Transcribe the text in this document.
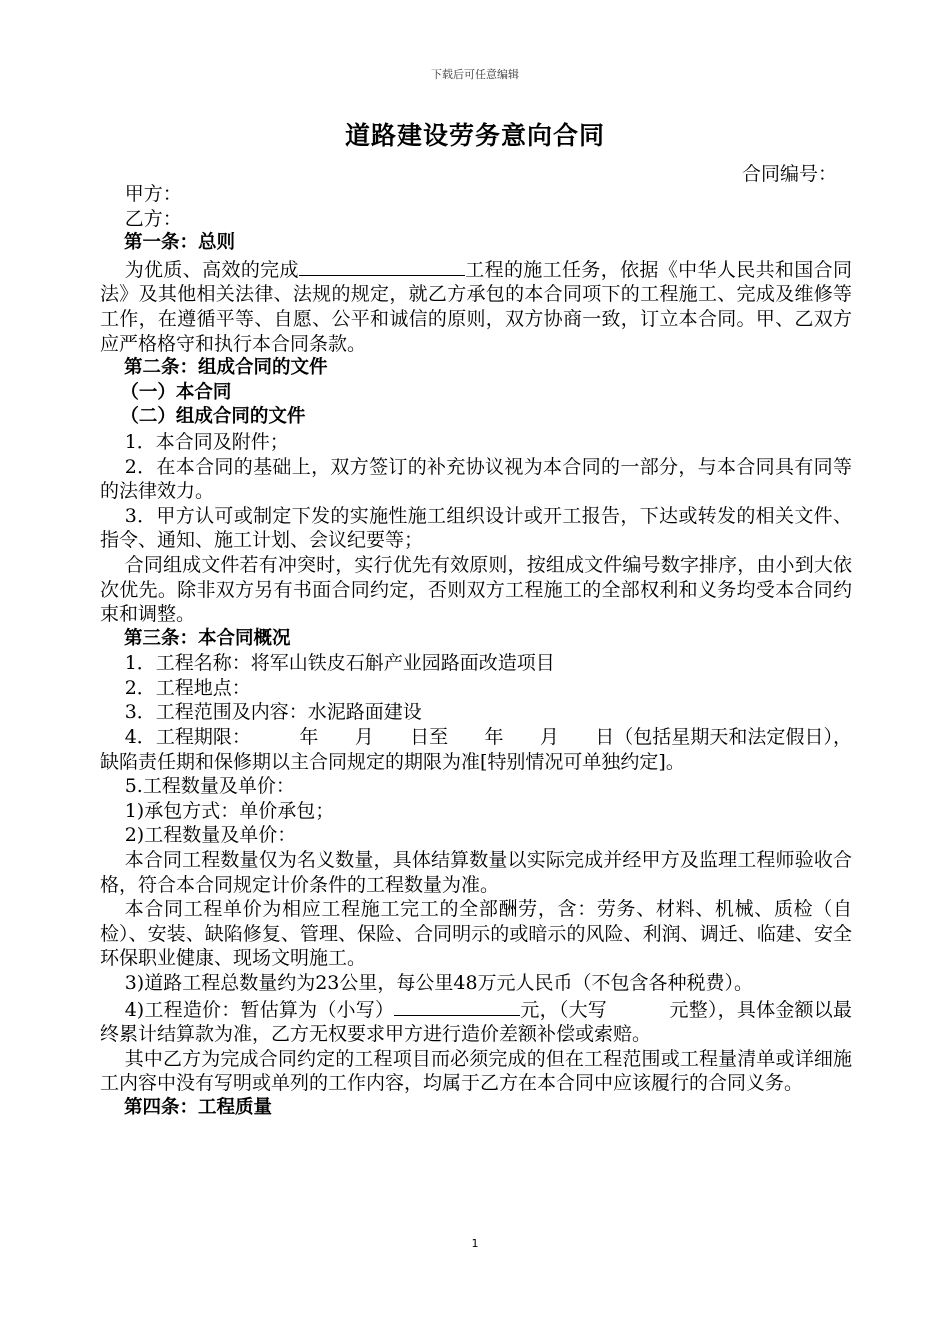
下载后可任意编辑
道路建设劳务意向合同
合同编号：

甲方：

乙方：

第一条：总则

为优质、高效的完成	工程的施工任务，依据《中华人民共和国合同法》及其他相关法律、法规的规定，就乙方承包的本合同项下的工程施工、完成及维修等工作，在遵循平等、自愿、公平和诚信的原则，双方协商一致，订立本合同。甲、乙双方应严格格守和执行本合同条款。

第二条：组成合同的文件

（一）本合同

（二）组成合同的文件

1．本合同及附件；

2．在本合同的基础上，双方签订的补充协议视为本合同的一部分，与本合同具有同等的法律效力。

3．甲方认可或制定下发的实施性施工组织设计或开工报告，下达或转发的相关文件、指令、通知、施工计划、会议纪要等；

合同组成文件若有冲突时，实行优先有效原则，按组成文件编号数字排序，由小到大依次优先。除非双方另有书面合同约定，否则双方工程施工的全部权利和义务均受本合同约束和调整。

第三条：本合同概况

1．工程名称：将军山铁皮石斛产业园路面改造项目

2．工程地点：

3．工程范围及内容：水泥路面建设

4．工程期限：        年      月      日至      年      月      日（包括星期天和法定假日），缺陷责任期和保修期以主合同规定的期限为准[特别情况可单独约定]。

5.工程数量及单价：

1)承包方式：单价承包；

2)工程数量及单价：

本合同工程数量仅为名义数量，具体结算数量以实际完成并经甲方及监理工程师验收合格，符合本合同规定计价条件的工程数量为准。

本合同工程单价为相应工程施工完工的全部酬劳，含：劳务、材料、机械、质检（自检）、安装、缺陷修复、管理、保险、合同明示的或暗示的风险、利润、调迁、临建、安全环保职业健康、现场文明施工。

3)道路工程总数量约为23公里，每公里48万元人民币（不包含各种税费）。

4)工程造价：暂估算为（小写）	元，（大写          元整），具体金额以最终累计结算款为准，乙方无权要求甲方进行造价差额补偿或索赔。

其中乙方为完成合同约定的工程项目而必须完成的但在工程范围或工程量清单或详细施工内容中没有写明或单列的工作内容，均属于乙方在本合同中应该履行的合同义务。

第四条：工程质量

1
